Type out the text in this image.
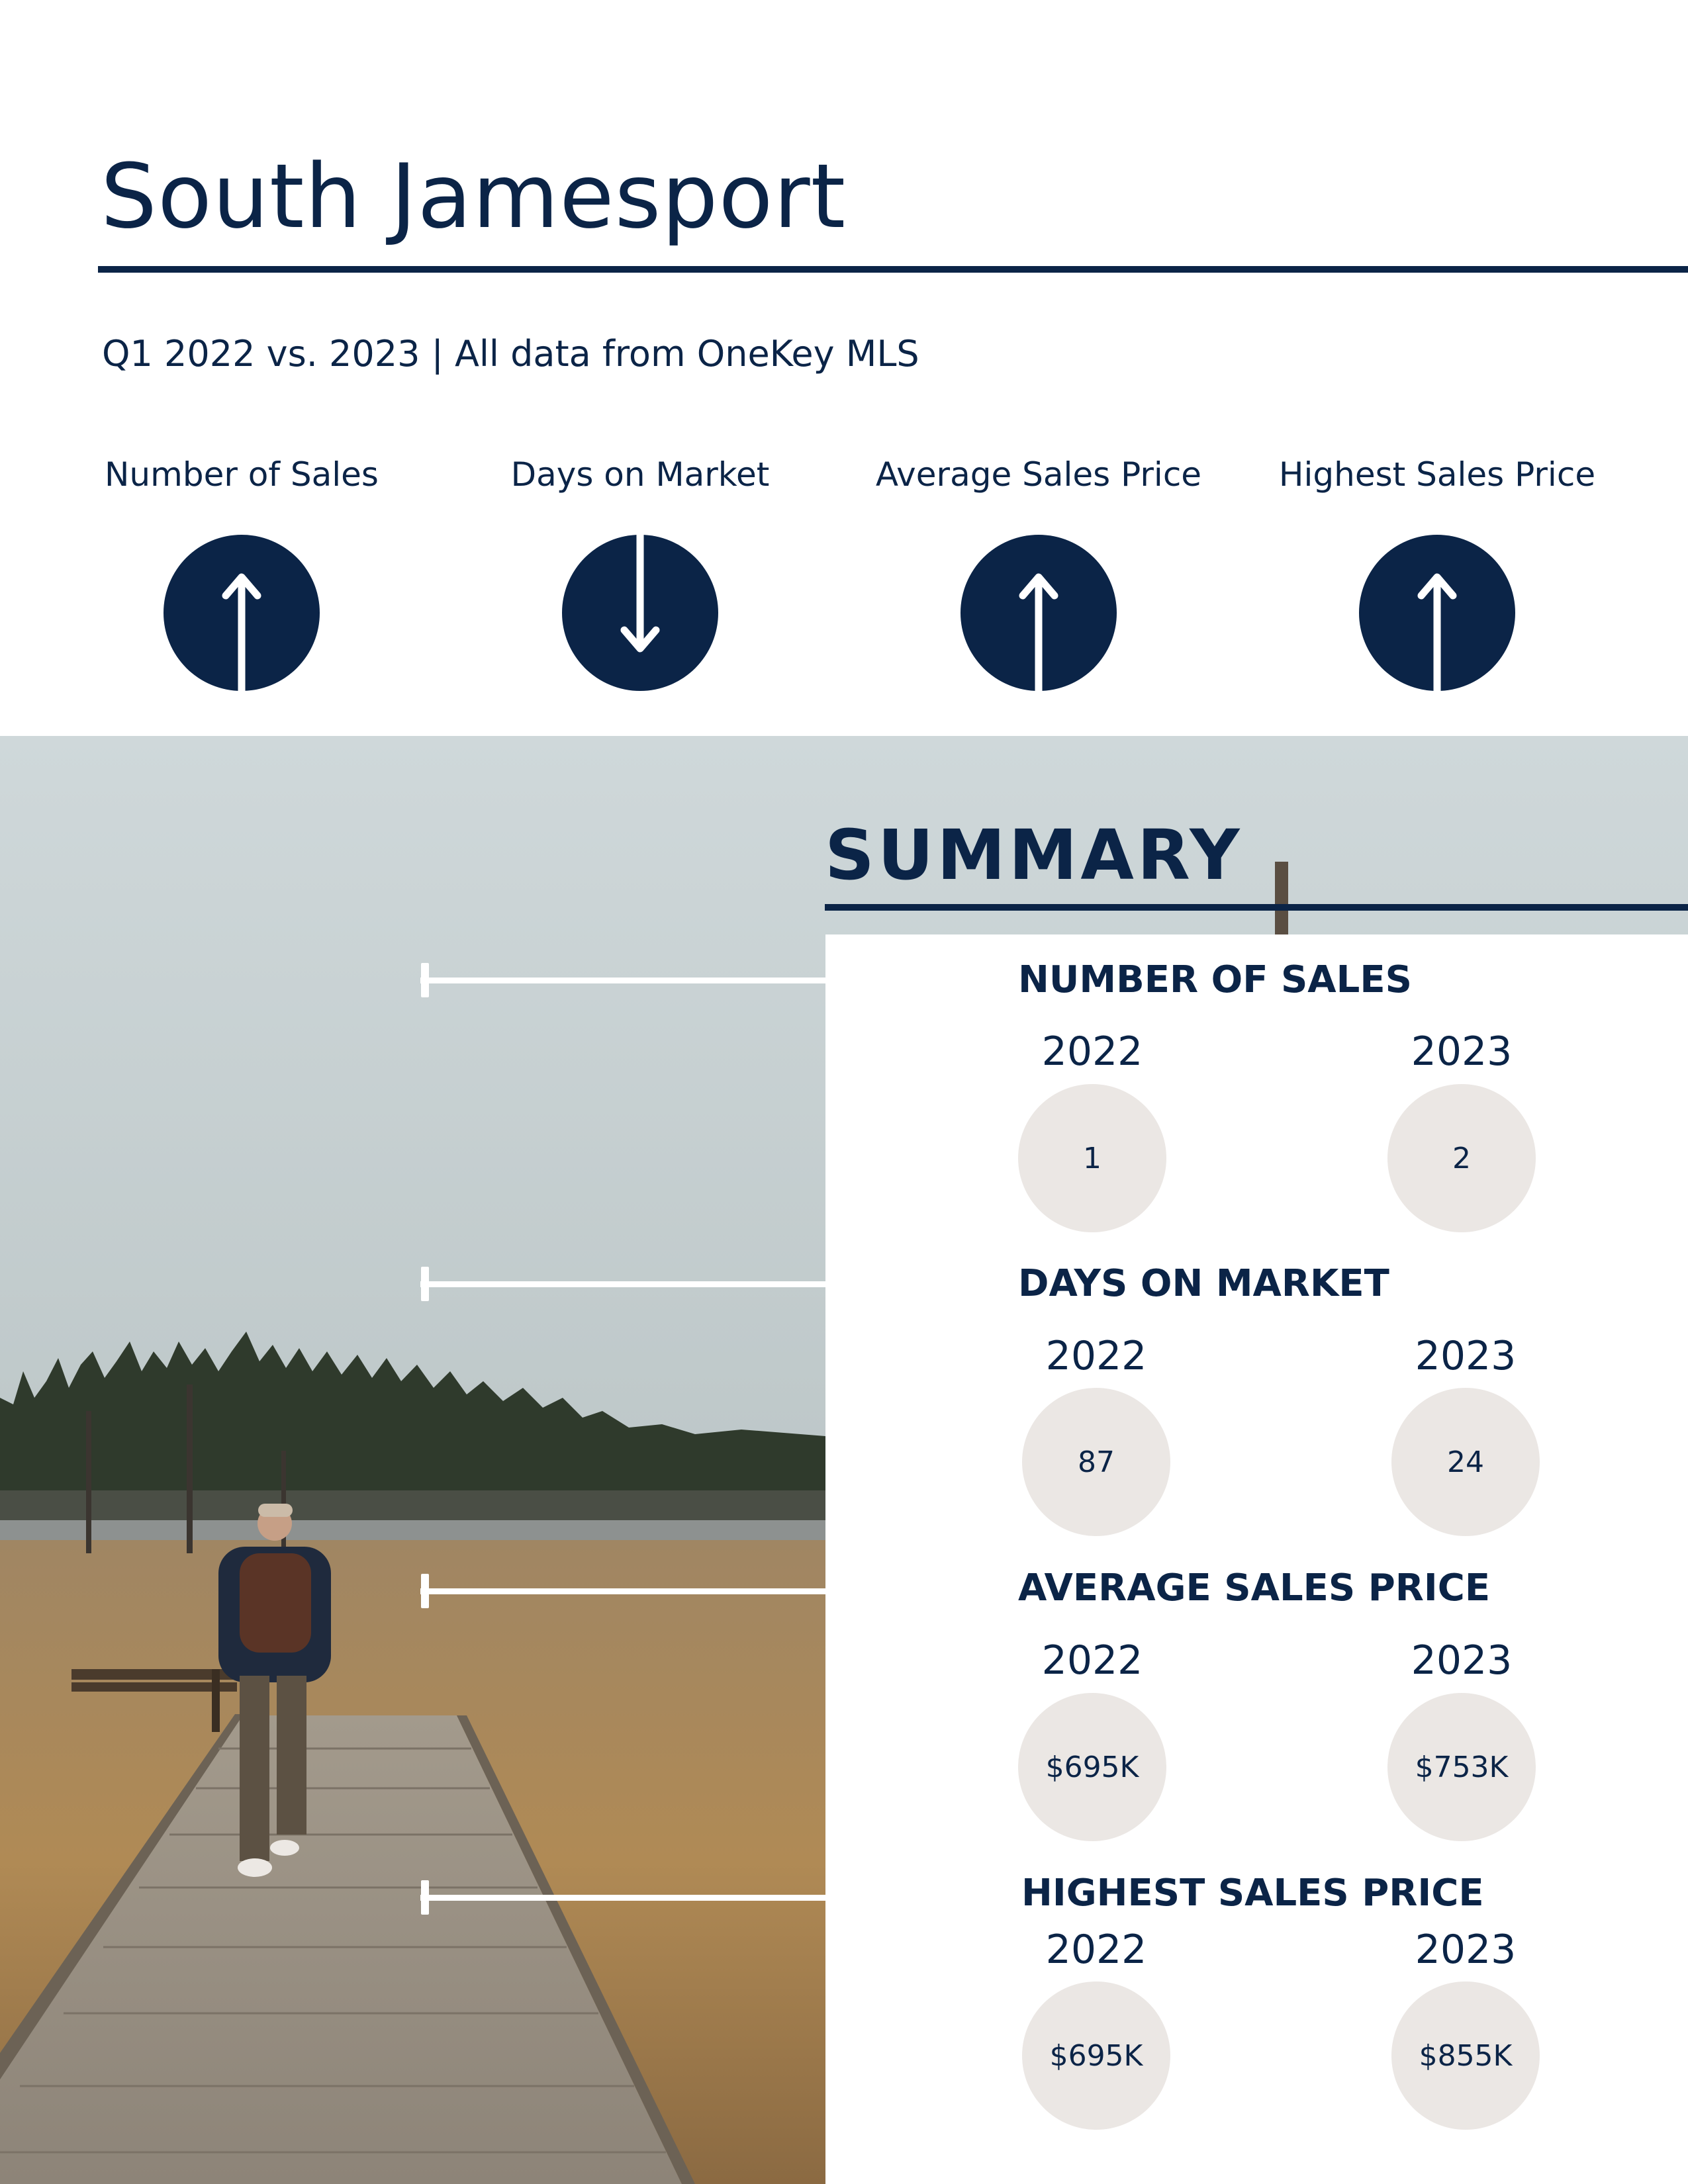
South Jamesport

Q1 2022 vs. 2023 | All data from OneKey MLS

Number of Sales	Days on Market	Average Sales Price	Highest Sales Price
SUMMARY
NUMBER OF SALES
2022	2023
1	2
DAYS ON MARKET
2022	2023
87	24
AVERAGE SALES PRICE
2022	2023
$695K	$753K
HIGHEST SALES PRICE
2022	2023
$695K	$855K
